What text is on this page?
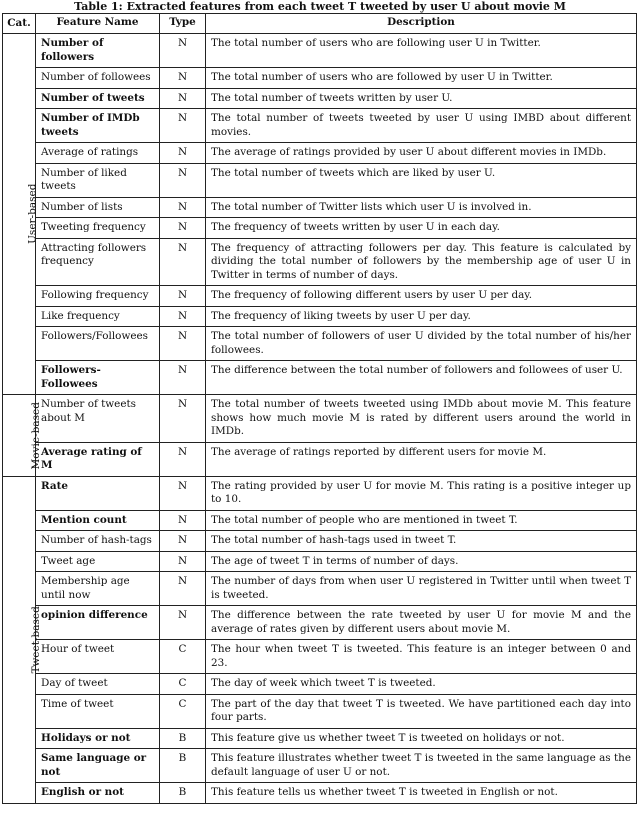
Table 1: Extracted features from each tweet T tweeted by user U about movie M
Cat.	Feature Name	Type	Description
User-based	Number of followers	N	The total number of users who are following user U in Twitter.
	Number of followees	N	The total number of users who are followed by user U in Twitter.
	Number of tweets	N	The total number of tweets written by user U.
	Number of IMDb tweets	N	The total number of tweets tweeted by user U using IMBD about different movies.
	Average of ratings	N	The average of ratings provided by user U about different movies in IMDb.
	Number of liked tweets	N	The total number of tweets which are liked by user U.
	Number of lists	N	The total number of Twitter lists which user U is involved in.
	Tweeting frequency	N	The frequency of tweets written by user U in each day.
	Attracting followers frequency	N	The frequency of attracting followers per day. This feature is calculated by dividing the total number of followers by the membership age of user U in Twitter in terms of number of days.
	Following frequency	N	The frequency of following different users by user U per day.
	Like frequency	N	The frequency of liking tweets by user U per day.
	Followers/Followees	N	The total number of followers of user U divided by the total number of his/her followees.
	Followers-Followees	N	The difference between the total number of followers and followees of user U.
Movie-based	Number of tweets about M	N	The total number of tweets tweeted using IMDb about movie M. This feature shows how much movie M is rated by different users around the world in IMDb.
	Average rating of M	N	The average of ratings reported by different users for movie M.
Tweet-based	Rate	N	The rating provided by user U for movie M. This rating is a positive integer up to 10.
	Mention count	N	The total number of people who are mentioned in tweet T.
	Number of hash-tags	N	The total number of hash-tags used in tweet T.
	Tweet age	N	The age of tweet T in terms of number of days.
	Membership age until now	N	The number of days from when user U registered in Twitter until when tweet T is tweeted.
	opinion difference	N	The difference between the rate tweeted by user U for movie M and the average of rates given by different users about movie M.
	Hour of tweet	C	The hour when tweet T is tweeted. This feature is an integer between 0 and 23.
	Day of tweet	C	The day of week which tweet T is tweeted.
	Time of tweet	C	The part of the day that tweet T is tweeted. We have partitioned each day into four parts.
	Holidays or not	B	This feature give us whether tweet T is tweeted on holidays or not.
	Same language or not	B	This feature illustrates whether tweet T is tweeted in the same language as the default language of user U or not.
	English or not	B	This feature tells us whether tweet T is tweeted in English or not.
